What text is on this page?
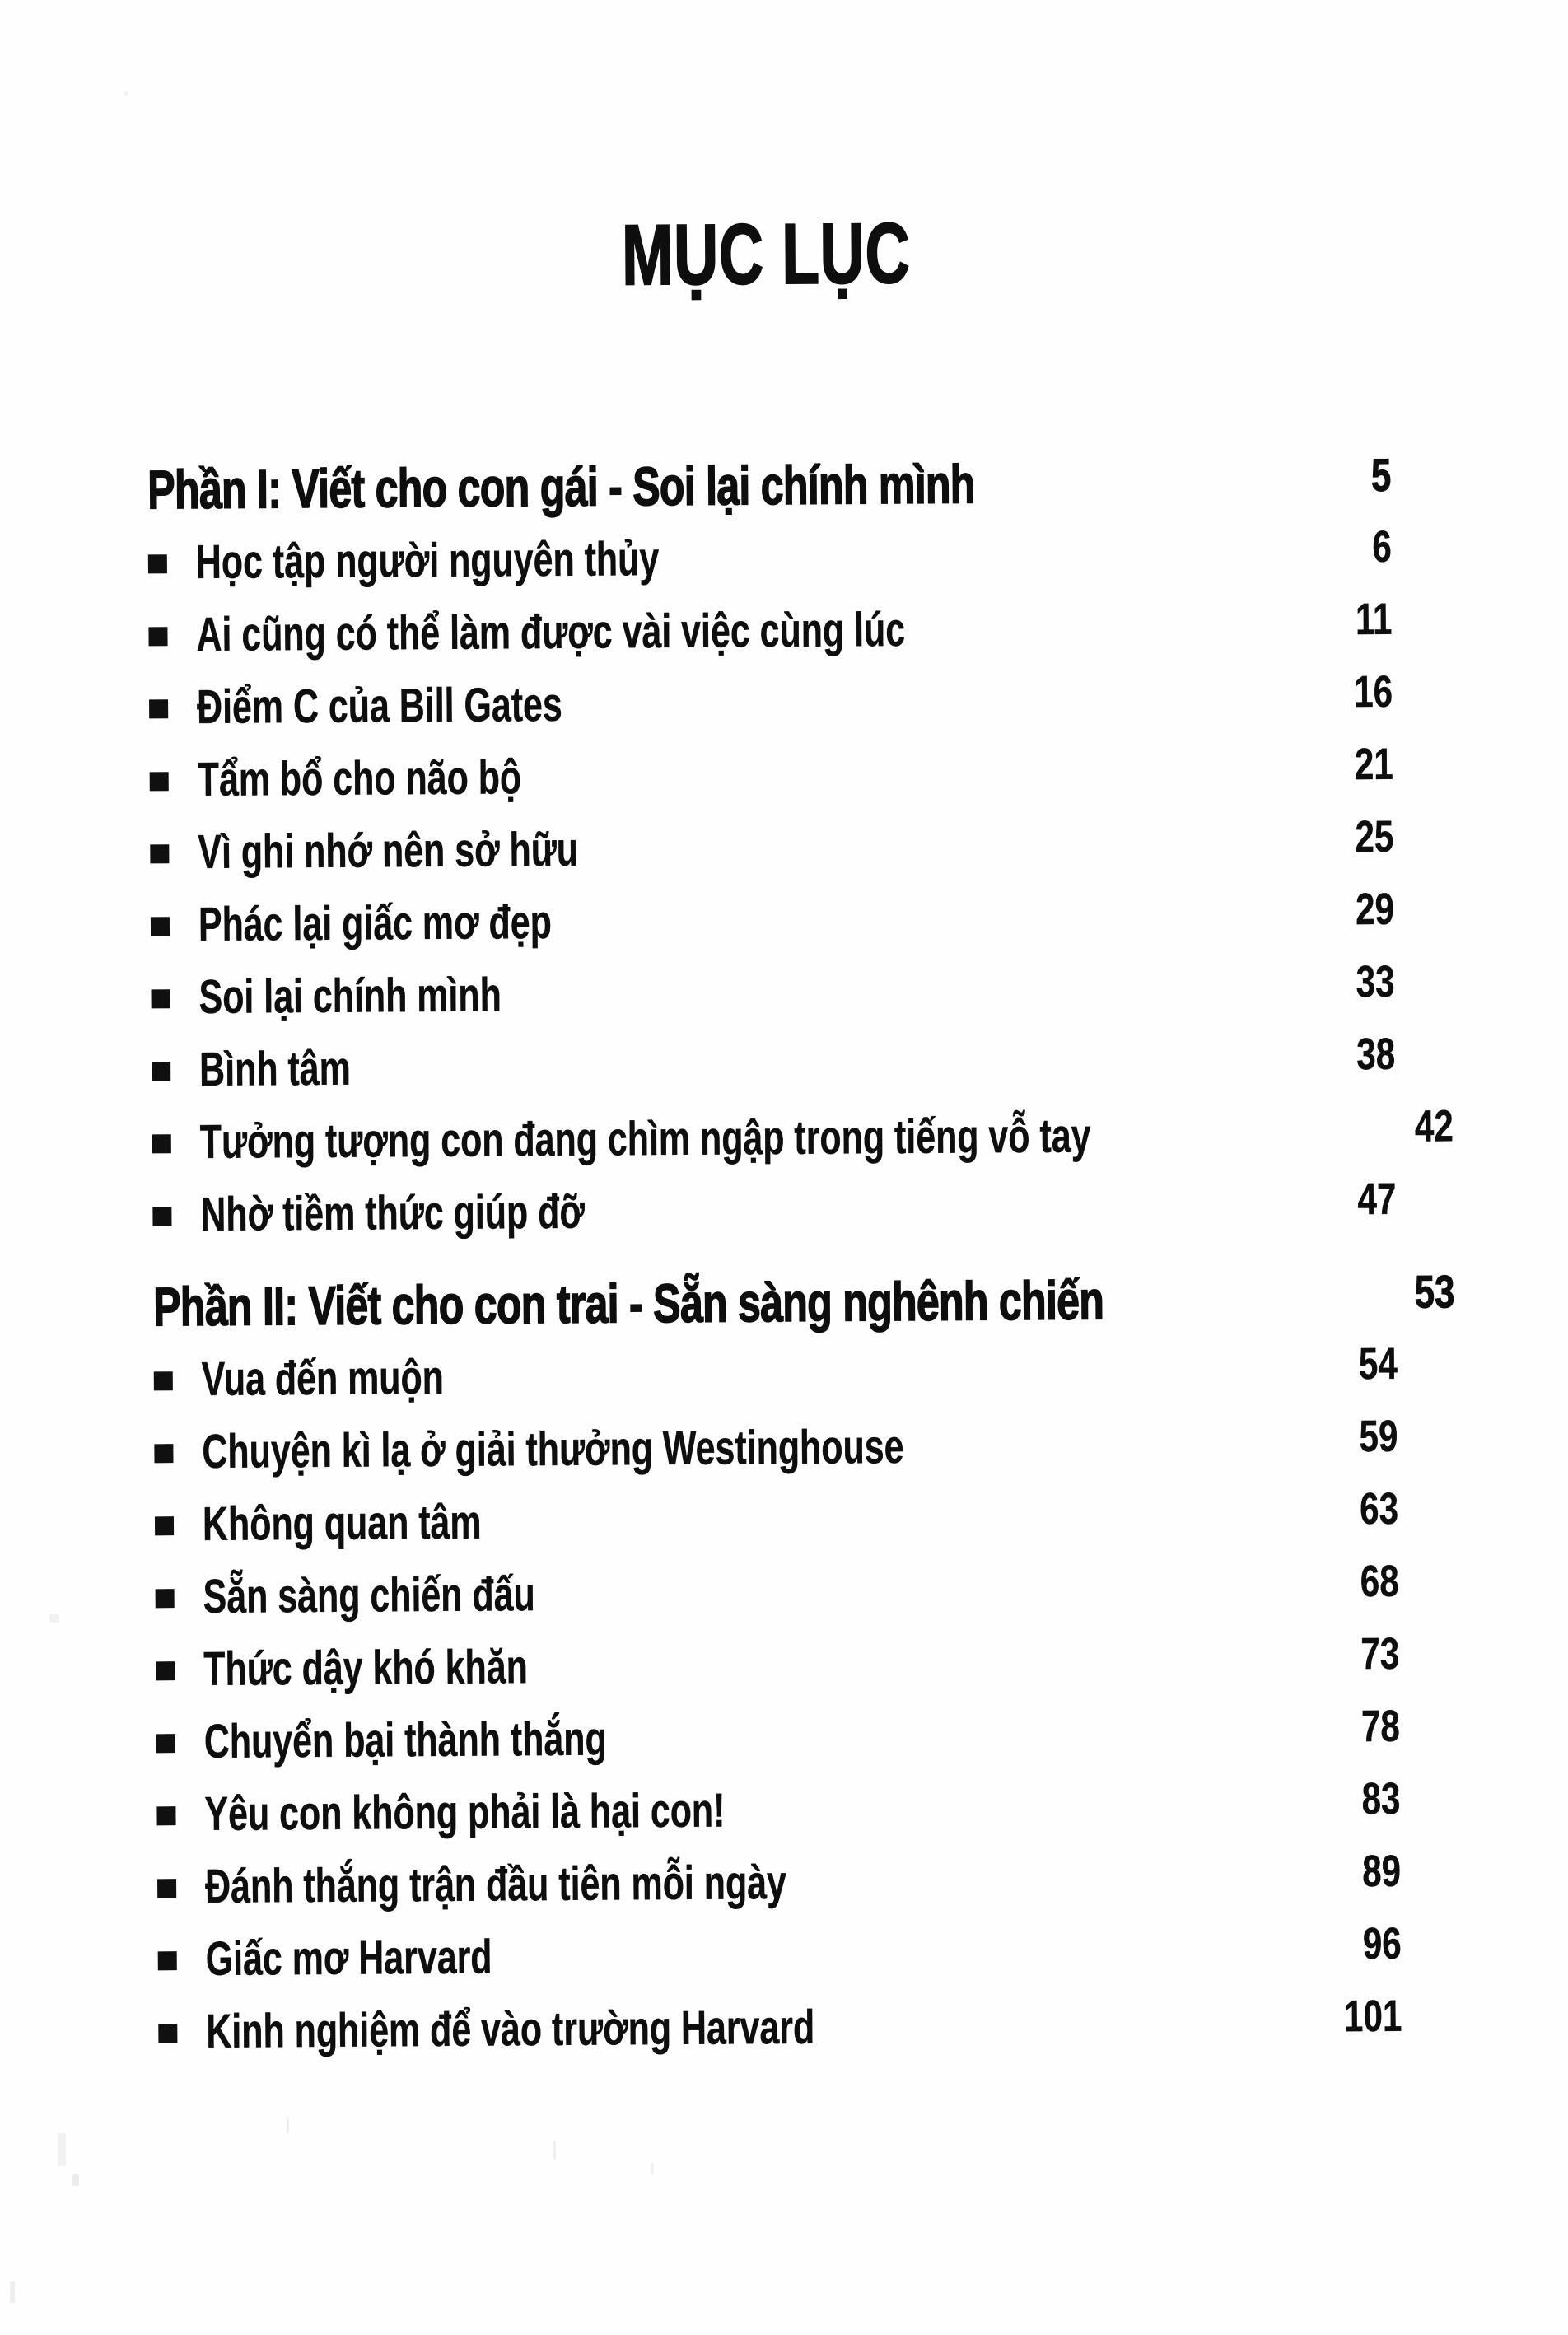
MỤC LỤC
Phần I: Viết cho con gái - Soi lại chính mình	5
Học tập người nguyên thủy	6
Ai cũng có thể làm được vài việc cùng lúc	11
Điểm C của Bill Gates	16
Tẩm bổ cho não bộ	21
Vì ghi nhớ nên sở hữu	25
Phác lại giấc mơ đẹp	29
Soi lại chính mình	33
Bình tâm	38
Tưởng tượng con đang chìm ngập trong tiếng vỗ tay	42
Nhờ tiềm thức giúp đỡ	47
Phần II: Viết cho con trai - Sẵn sàng nghênh chiến	53
Vua đến muộn	54
Chuyện kì lạ ở giải thưởng Westinghouse	59
Không quan tâm	63
Sẵn sàng chiến đấu	68
Thức dậy khó khăn	73
Chuyển bại thành thắng	78
Yêu con không phải là hại con!	83
Đánh thắng trận đầu tiên mỗi ngày	89
Giấc mơ Harvard	96
Kinh nghiệm để vào trường Harvard	101
